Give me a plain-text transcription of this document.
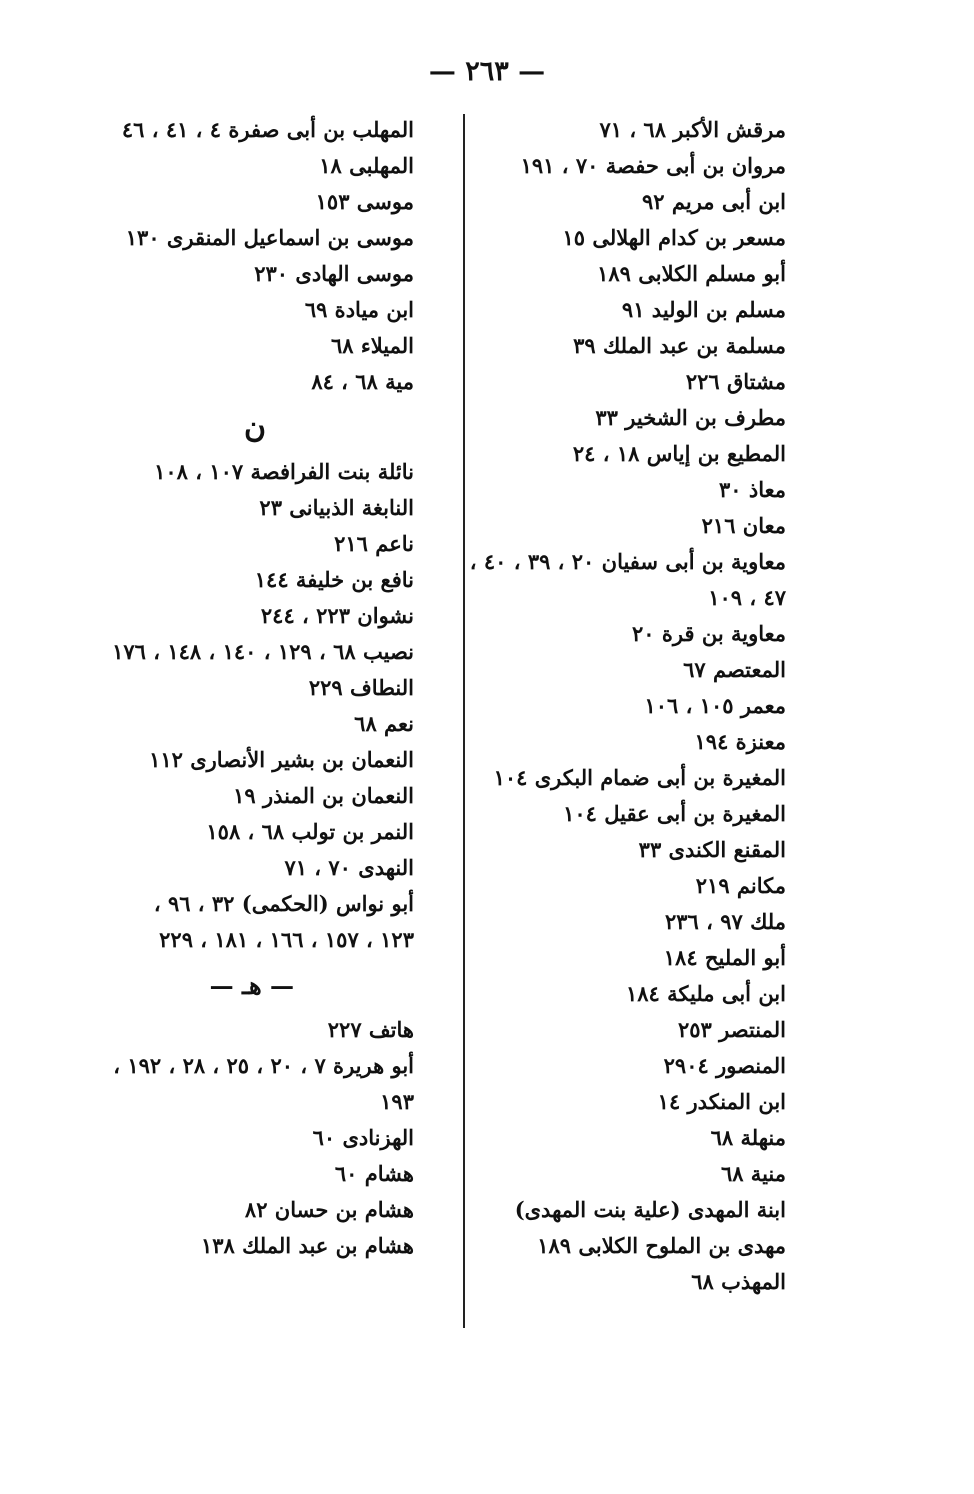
— ٢٦٣ —
مرقش الأكبر ٦٨ ، ٧١
مروان بن أبى حفصة ٧٠ ، ١٩١
ابن أبى مريم ٩٢
مسعر بن كدام الهلالى ١٥
أبو مسلم الكلابى ١٨٩
مسلم بن الوليد ٩١
مسلمة بن عبد الملك ٣٩
مشتاق ٢٢٦
مطرف بن الشخير ٣٣
المطيع بن إياس ١٨ ، ٢٤
معاذ ٣٠
معان ٢١٦
معاوية بن أبى سفيان ٢٠ ، ٣٩ ، ٤٠ ،
٤٧ ، ١٠٩
معاوية بن قرة ٢٠
المعتصم ٦٧
معمر ١٠٥ ، ١٠٦
معنزة ١٩٤
المغيرة بن أبى ضمام البكرى ١٠٤
المغيرة بن أبى عقيل ١٠٤
المقنع الكندى ٣٣
مكانم ٢١٩
ملك ٩٧ ، ٢٣٦
أبو المليح ١٨٤
ابن أبى مليكة ١٨٤
المنتصر ٢٥٣
المنصور ٢٩٠٤
ابن المنكدر ١٤
منهلة ٦٨
منية ٦٨
ابنة المهدى (علية بنت المهدى)
مهدى بن الملوح الكلابى ١٨٩
المهذب ٦٨
المهلب بن أبى صفرة ٤ ، ٤١ ، ٤٦
المهلبى ١٨
موسى ١٥٣
موسى بن اسماعيل المنقرى ١٣٠
موسى الهادى ٢٣٠
ابن ميادة ٦٩
الميلاء ٦٨
مية ٦٨ ، ٨٤
ن
نائلة بنت الفرافصة ١٠٧ ، ١٠٨
النابغة الذبيانى ٢٣
ناعم ٢١٦
نافع بن خليفة ١٤٤
نشوان ٢٢٣ ، ٢٤٤
نصيب ٦٨ ، ١٢٩ ، ١٤٠ ، ١٤٨ ، ١٧٦
النطاف ٢٢٩
نعم ٦٨
النعمان بن بشير الأنصارى ١١٢
النعمان بن المنذر ١٩
النمر بن تولب ٦٨ ، ١٥٨
النهدى ٧٠ ، ٧١
أبو نواس (الحكمى) ٣٢ ، ٩٦ ،
١٢٣ ، ١٥٧ ، ١٦٦ ، ١٨١ ، ٢٢٩
— هـ —
هاتف ٢٢٧
أبو هريرة ٧ ، ٢٠ ، ٢٥ ، ٢٨ ، ١٩٢ ،
١٩٣
الهزنادى ٦٠
هشام ٦٠
هشام بن حسان ٨٢
هشام بن عبد الملك ١٣٨
